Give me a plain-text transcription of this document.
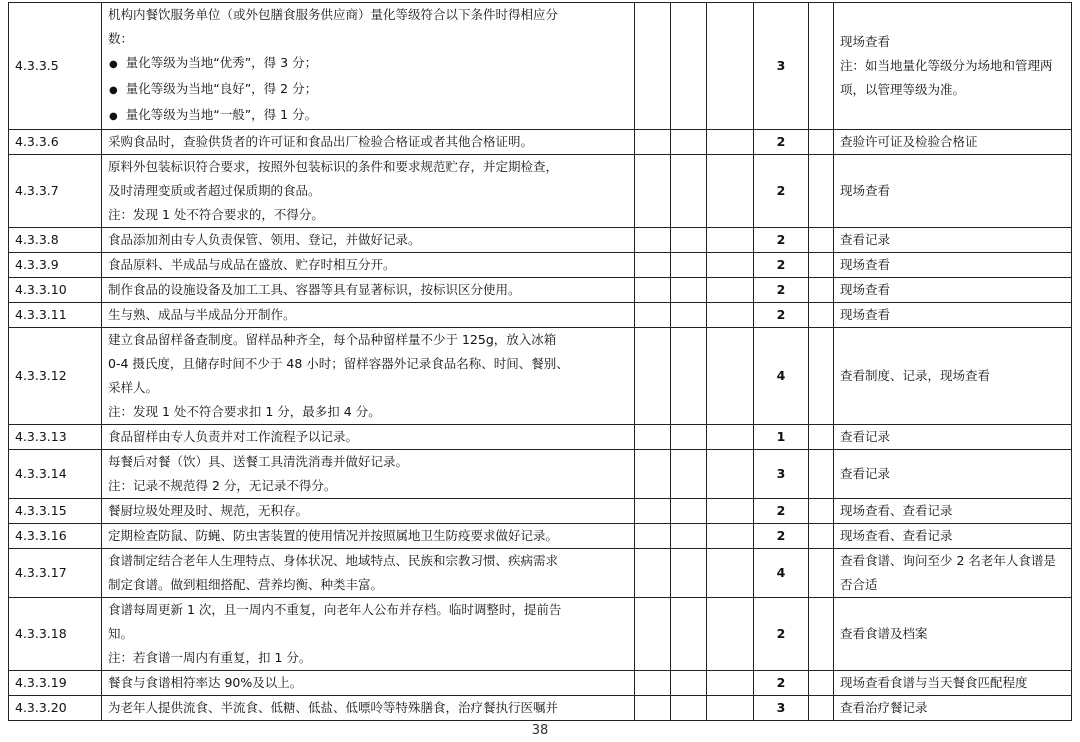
4.3.3.5	机构内餐饮服务单位（或外包膳食服务供应商）量化等级符合以下条件时得相应分
数：
● 量化等级为当地“优秀”，得 3 分；
● 量化等级为当地“良好”，得 2 分；
● 量化等级为当地“一般”，得 1 分。				3		现场查看
注：如当地量化等级分为场地和管理两
项，以管理等级为准。

4.3.3.6	采购食品时，查验供货者的许可证和食品出厂检验合格证或者其他合格证明。				2		查验许可证及检验合格证

4.3.3.7	原料外包装标识符合要求，按照外包装标识的条件和要求规范贮存，并定期检查，
及时清理变质或者超过保质期的食品。
注：发现 1 处不符合要求的，不得分。				2		现场查看

4.3.3.8	食品添加剂由专人负责保管、领用、登记，并做好记录。				2		查看记录

4.3.3.9	食品原料、半成品与成品在盛放、贮存时相互分开。				2		现场查看

4.3.3.10	制作食品的设施设备及加工工具、容器等具有显著标识，按标识区分使用。				2		现场查看

4.3.3.11	生与熟、成品与半成品分开制作。				2		现场查看

4.3.3.12	建立食品留样备查制度。留样品种齐全，每个品种留样量不少于 125g，放入冰箱
0-4 摄氏度，且储存时间不少于 48 小时；留样容器外记录食品名称、时间、餐别、
采样人。
注：发现 1 处不符合要求扣 1 分，最多扣 4 分。				4		查看制度、记录，现场查看

4.3.3.13	食品留样由专人负责并对工作流程予以记录。				1		查看记录

4.3.3.14	每餐后对餐（饮）具、送餐工具清洗消毒并做好记录。
注：记录不规范得 2 分，无记录不得分。				3		查看记录

4.3.3.15	餐厨垃圾处理及时、规范，无积存。				2		现场查看、查看记录

4.3.3.16	定期检查防鼠、防蝇、防虫害装置的使用情况并按照属地卫生防疫要求做好记录。				2		现场查看、查看记录

4.3.3.17	食谱制定结合老年人生理特点、身体状况、地域特点、民族和宗教习惯、疾病需求
制定食谱。做到粗细搭配、营养均衡、种类丰富。				4		查看食谱、询问至少 2 名老年人食谱是
否合适

4.3.3.18	食谱每周更新 1 次，且一周内不重复，向老年人公布并存档。临时调整时，提前告
知。
注：若食谱一周内有重复，扣 1 分。				2		查看食谱及档案

4.3.3.19	餐食与食谱相符率达 90%及以上。				2		现场查看食谱与当天餐食匹配程度

4.3.3.20	为老年人提供流食、半流食、低糖、低盐、低嘌呤等特殊膳食，治疗餐执行医嘱并				3		查看治疗餐记录
38
